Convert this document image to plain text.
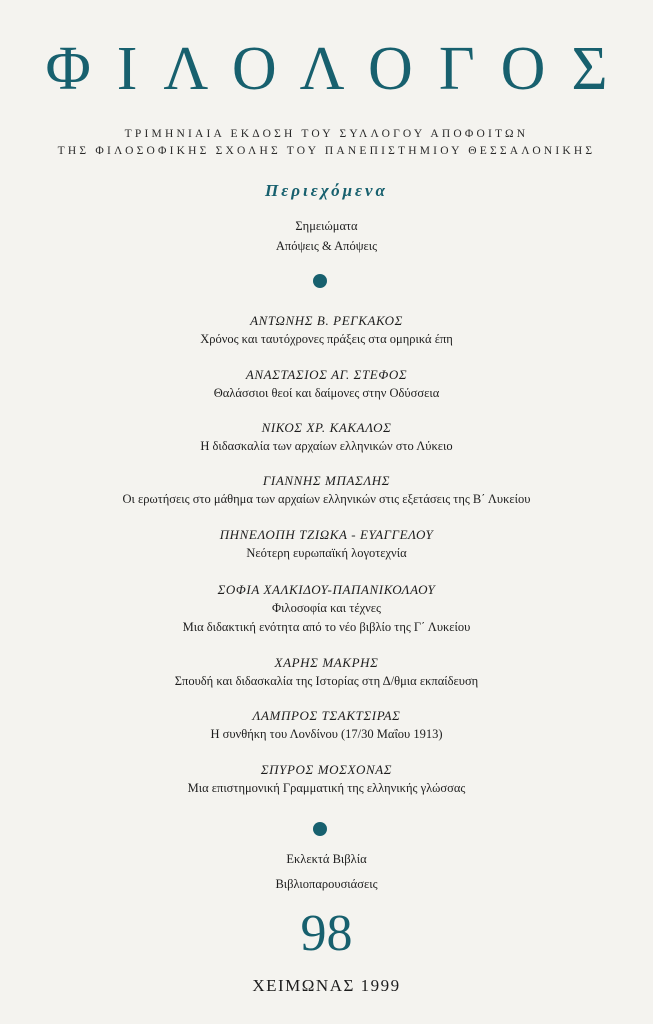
ΦΙΛΟΛΟΓΟΣ
ΤΡΙΜΗΝΙΑΙΑ ΕΚΔΟΣΗ ΤΟΥ ΣΥΛΛΟΓΟΥ ΑΠΟΦΟΙΤΩΝ
ΤΗΣ ΦΙΛΟΣΟΦΙΚΗΣ ΣΧΟΛΗΣ ΤΟΥ ΠΑΝΕΠΙΣΤΗΜΙΟΥ ΘΕΣΣΑΛΟΝΙΚΗΣ
Περιεχόμενα
Σημειώματα
Απόψεις & Απόψεις
ΑΝΤΩΝΗΣ Β. ΡΕΓΚΑΚΟΣ
Χρόνος και ταυτόχρονες πράξεις στα ομηρικά έπη
ΑΝΑΣΤΑΣΙΟΣ ΑΓ. ΣΤΕΦΟΣ
Θαλάσσιοι θεοί και δαίμονες στην Οδύσσεια
ΝΙΚΟΣ ΧΡ. ΚΑΚΑΛΟΣ
Η διδασκαλία των αρχαίων ελληνικών στο Λύκειο
ΓΙΑΝΝΗΣ ΜΠΑΣΛΗΣ
Οι ερωτήσεις στο μάθημα των αρχαίων ελληνικών στις εξετάσεις της Β΄ Λυκείου
ΠΗΝΕΛΟΠΗ ΤΖΙΩΚΑ - ΕΥΑΓΓΕΛΟΥ
Νεότερη ευρωπαϊκή λογοτεχνία
ΣΟΦΙΑ ΧΑΛΚΙΔΟΥ-ΠΑΠΑΝΙΚΟΛΑΟΥ
Φιλοσοφία και τέχνες
Μια διδακτική ενότητα από το νέο βιβλίο της Γ΄ Λυκείου
ΧΑΡΗΣ ΜΑΚΡΗΣ
Σπουδή και διδασκαλία της Ιστορίας στη Δ/θμια εκπαίδευση
ΛΑΜΠΡΟΣ ΤΣΑΚΤΣΙΡΑΣ
Η συνθήκη του Λονδίνου (17/30 Μαΐου 1913)
ΣΠΥΡΟΣ ΜΟΣΧΟΝΑΣ
Μια επιστημονική Γραμματική της ελληνικής γλώσσας
Εκλεκτά Βιβλία
Βιβλιοπαρουσιάσεις
98
ΧΕΙΜΩΝΑΣ 1999
